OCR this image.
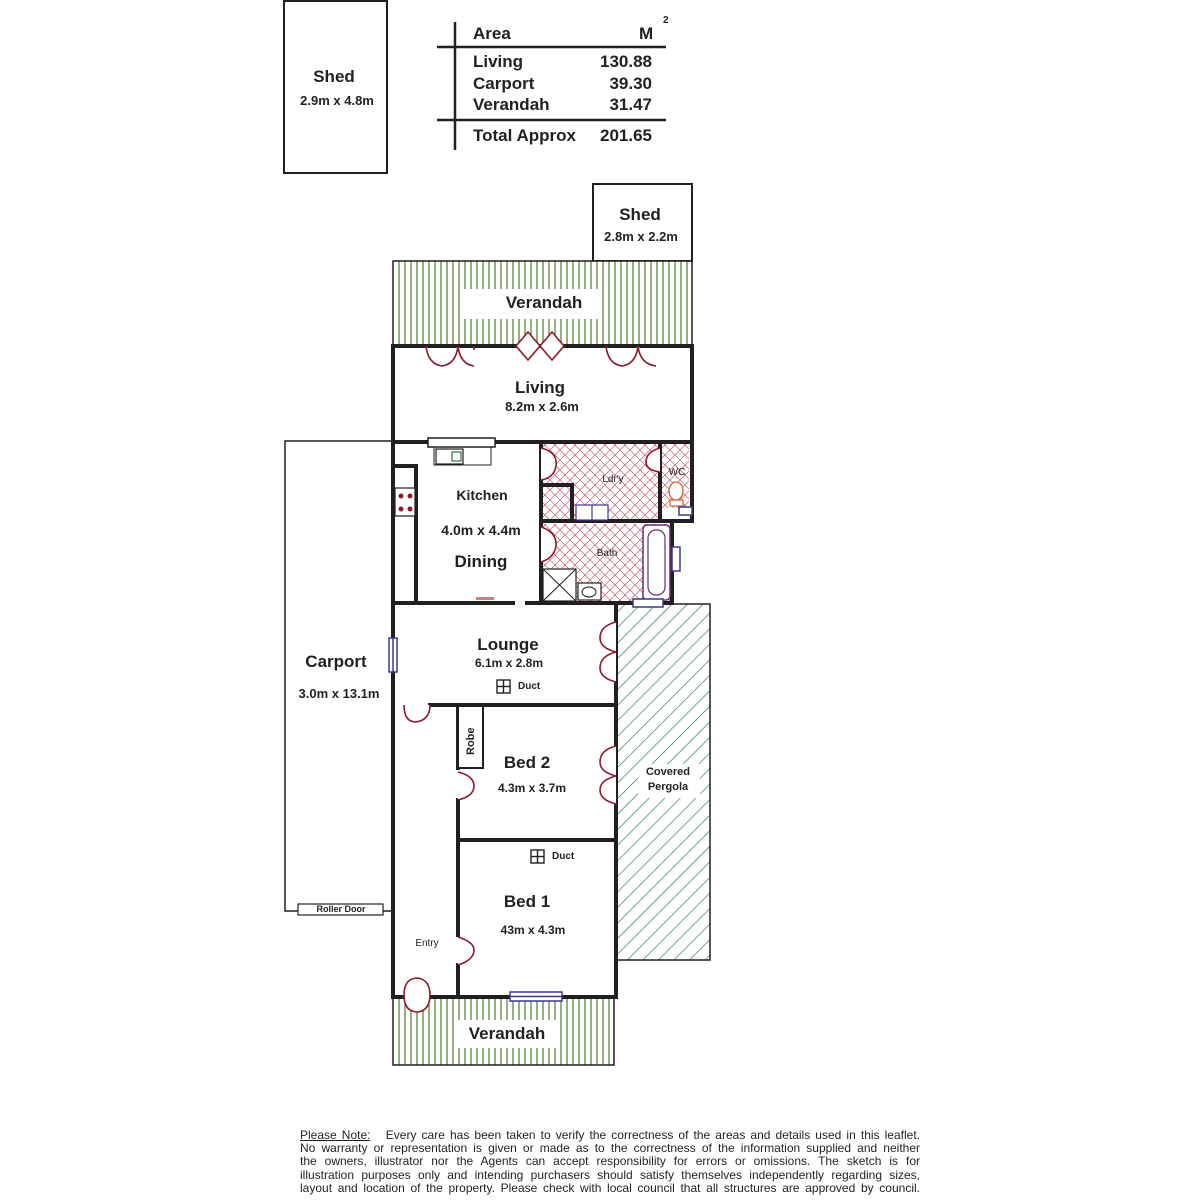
Area	M
2
Living	130.88
Carport	39.30
Verandah	31.47
Total Approx	201.65
Shed
2.9m x 4.8m
Shed
2.8m x 2.2m
Verandah
Living
8.2m x 2.6m
Kitchen
4.0m x 4.4m
Dining
Ldr'y
WC
Bath
Carport
3.0m x 13.1m
Lounge
6.1m x 2.8m
Duct
Robe
Bed 2
4.3m x 3.7m
Covered
Pergola
Duct
Bed 1
43m x 4.3m
Roller Door
Entry
Verandah
Please Note: Every care has been taken to verify the correctness of the areas and details used in this leaflet.
No warranty or representation is given or made as to the correctness of the information supplied and neither
the owners, illustrator nor the Agents can accept responsibility for errors or omissions. The sketch is for
illustration purposes only and intending purchasers should satisfy themselves independently regarding sizes,
layout and location of the property. Please check with local council that all structures are approved by council.
